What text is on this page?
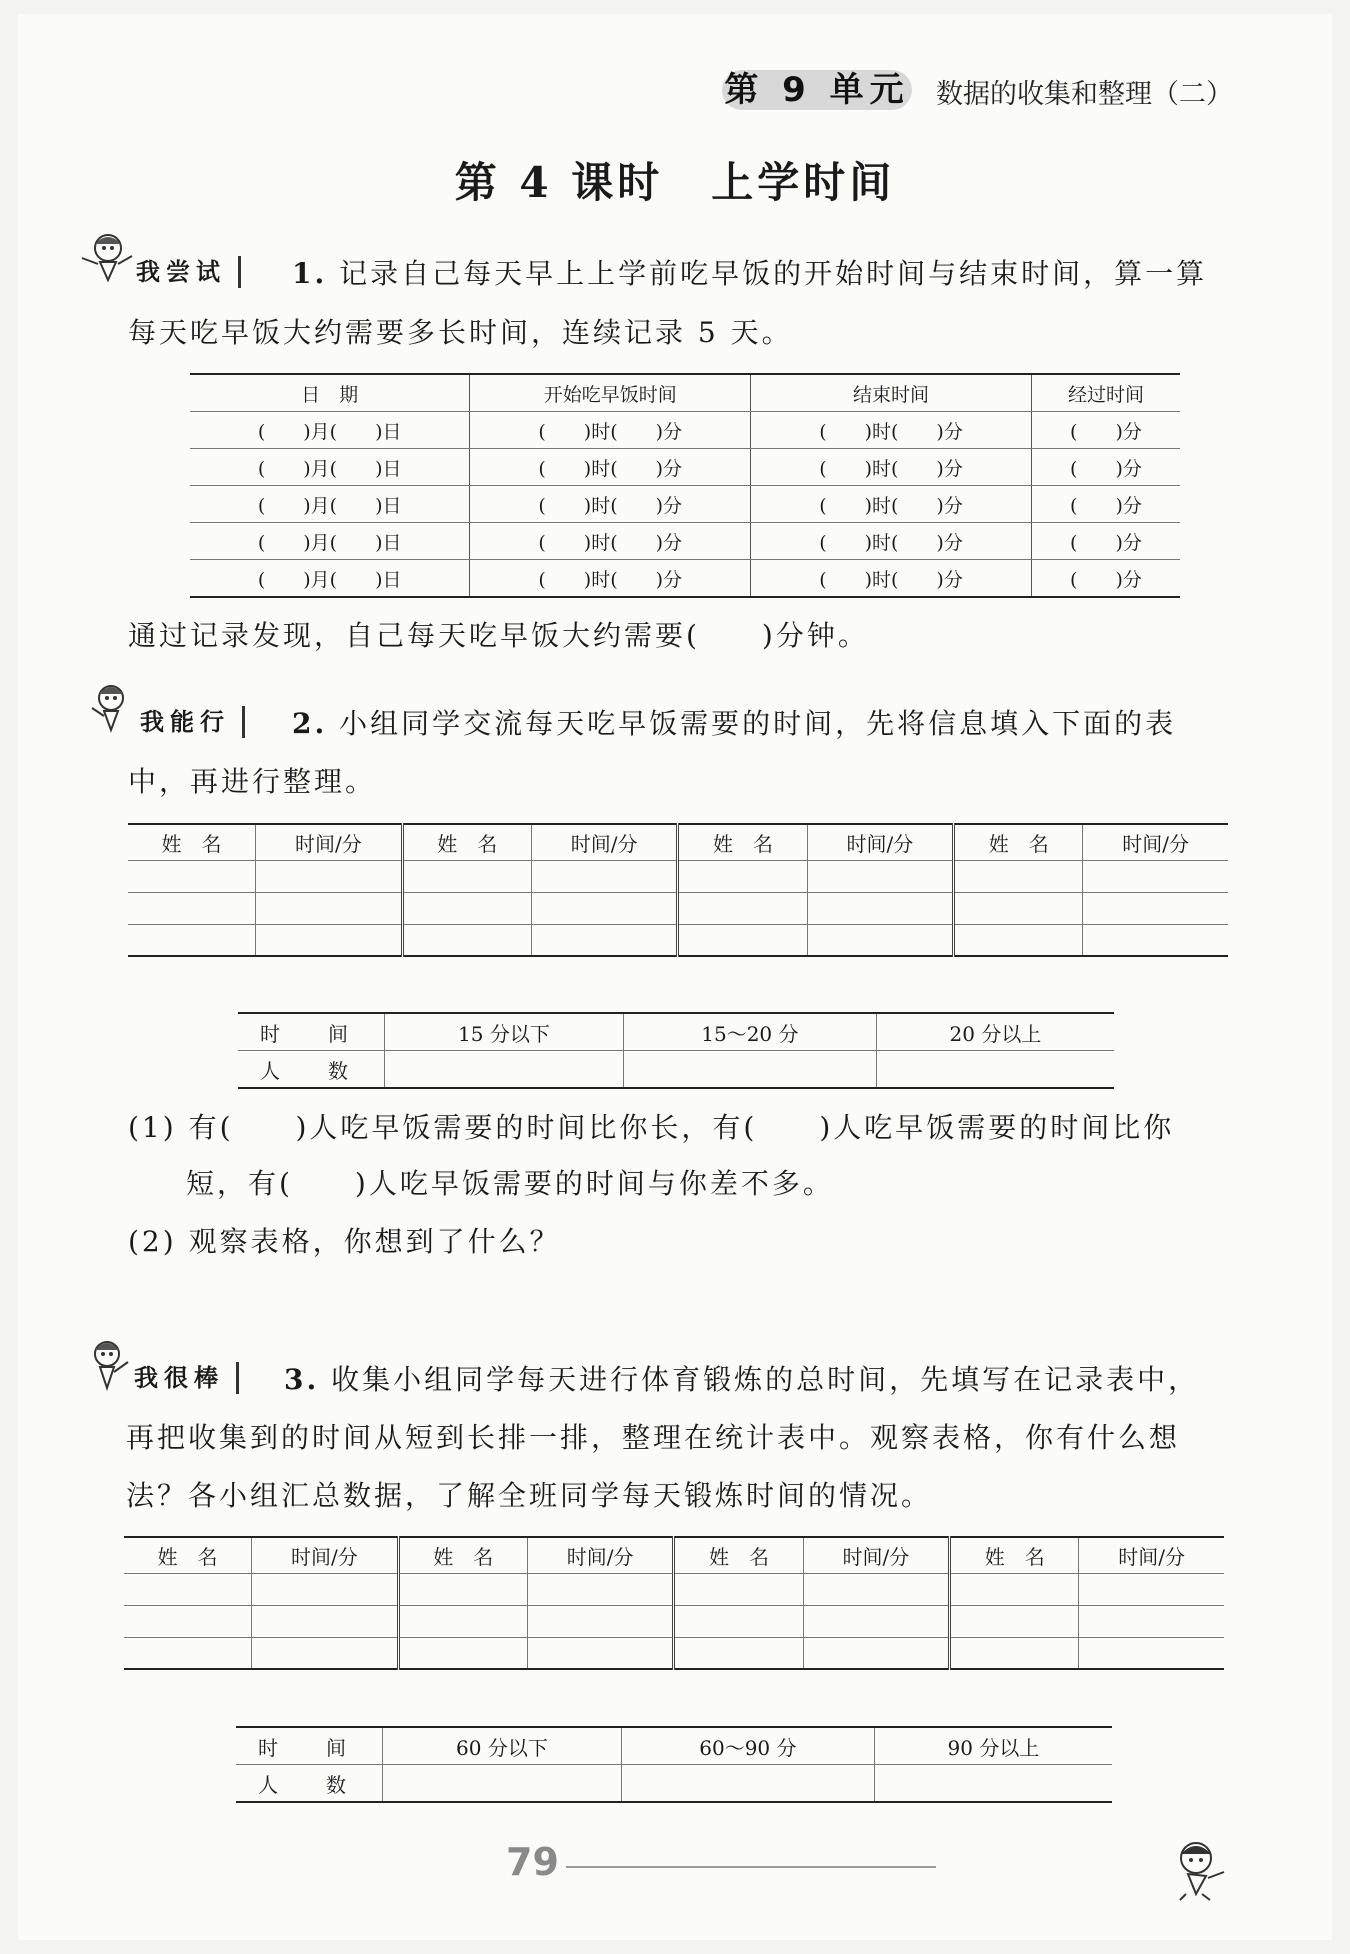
第 9 单元 数据的收集和整理（二）
第 4 课时 上学时间
我尝试	1. 记录自己每天早上上学前吃早饭的开始时间与结束时间，算一算
每天吃早饭大约需要多长时间，连续记录 5 天。
日　期	开始吃早饭时间	结束时间	经过时间
(　　)月(　　)日	(　　)时(　　)分	(　　)时(　　)分	(　　)分
(　　)月(　　)日	(　　)时(　　)分	(　　)时(　　)分	(　　)分
(　　)月(　　)日	(　　)时(　　)分	(　　)时(　　)分	(　　)分
(　　)月(　　)日	(　　)时(　　)分	(　　)时(　　)分	(　　)分
(　　)月(　　)日	(　　)时(　　)分	(　　)时(　　)分	(　　)分
通过记录发现，自己每天吃早饭大约需要(　　)分钟。
我能行	2. 小组同学交流每天吃早饭需要的时间，先将信息填入下面的表
中，再进行整理。
姓　名	时间/分	姓　名	时间/分	姓　名	时间/分	姓　名	时间/分

时　间	15 分以下	15～20 分	20 分以上
人　数			
(1) 有(　　)人吃早饭需要的时间比你长，有(　　)人吃早饭需要的时间比你
短，有(　　)人吃早饭需要的时间与你差不多。
(2) 观察表格，你想到了什么？
我很棒	3. 收集小组同学每天进行体育锻炼的总时间，先填写在记录表中，
再把收集到的时间从短到长排一排，整理在统计表中。观察表格，你有什么想
法？各小组汇总数据，了解全班同学每天锻炼时间的情况。
姓　名	时间/分	姓　名	时间/分	姓　名	时间/分	姓　名	时间/分

时　间	60 分以下	60～90 分	90 分以上
人　数			
79
